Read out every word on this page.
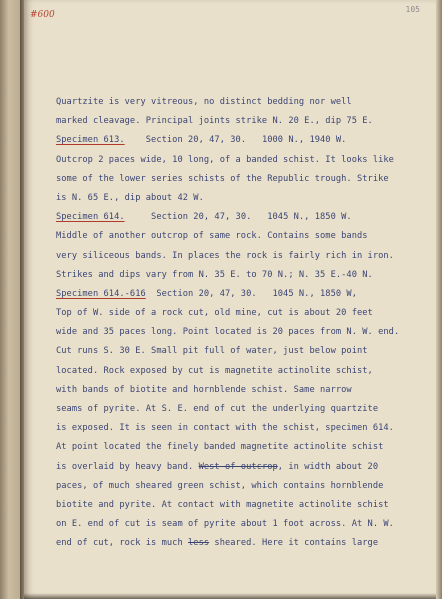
·
·
·
·
·
·
·
·
·
·
#600
105
Quartzite is very vitreous, no distinct bedding nor well
marked cleavage. Principal joints strike N. 20 E., dip 75 E.
Specimen 613.    Section 20, 47, 30.   1000 N., 1940 W.
Outcrop 2 paces wide, 10 long, of a banded schist. It looks like
some of the lower series schists of the Republic trough. Strike
is N. 65 E., dip about 42 W.
Specimen 614.     Section 20, 47, 30.   1045 N., 1850 W.
Middle of another outcrop of same rock. Contains some bands
very siliceous bands. In places the rock is fairly rich in iron.
Strikes and dips vary from N. 35 E. to 70 N.; N. 35 E.-40 N.
Specimen 614.-616  Section 20, 47, 30.   1045 N., 1850 W,
Top of W. side of a rock cut, old mine, cut is about 20 feet
wide and 35 paces long. Point located is 20 paces from N. W. end.
Cut runs S. 30 E. Small pit full of water, just below point
located. Rock exposed by cut is magnetite actinolite schist,
with bands of biotite and hornblende schist. Same narrow
seams of pyrite. At S. E. end of cut the underlying quartzite
is exposed. It is seen in contact with the schist, specimen 614.
At point located the finely banded magnetite actinolite schist
is overlaid by heavy band. West of outcrop, in width about 20
paces, of much sheared green schist, which contains hornblende
biotite and pyrite. At contact with magnetite actinolite schist
on E. end of cut is seam of pyrite about 1 foot across. At N. W.
end of cut, rock is much less sheared. Here it contains large
